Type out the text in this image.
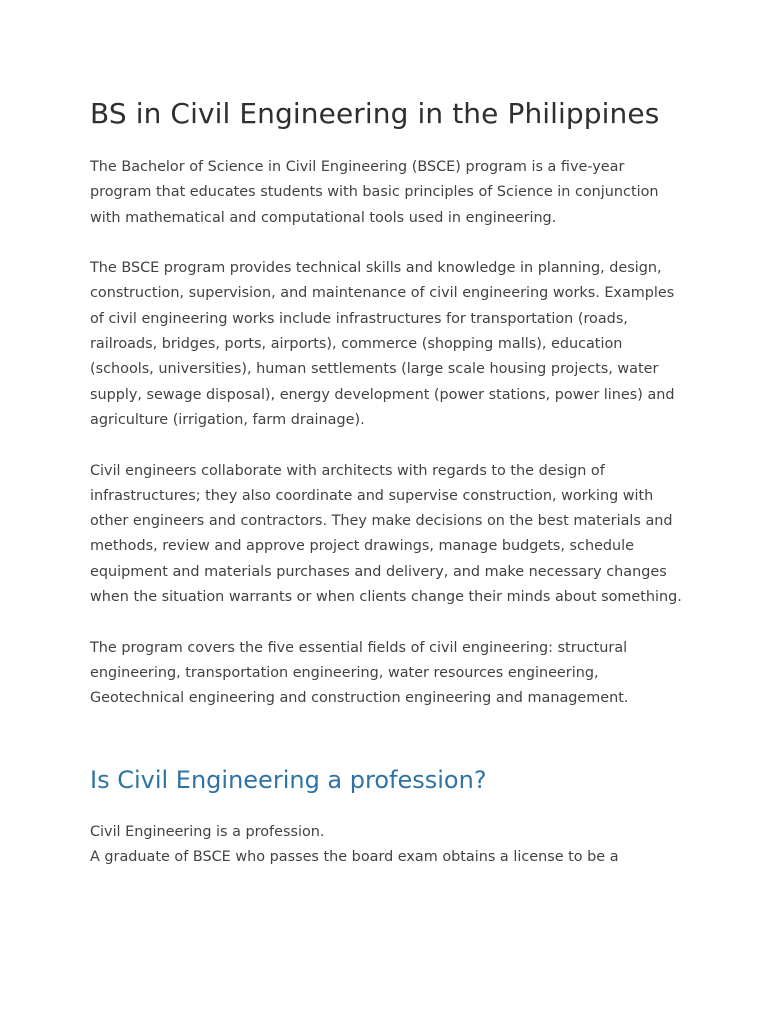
BS in Civil Engineering in the Philippines

The Bachelor of Science in Civil Engineering (BSCE) program is a five-year program that educates students with basic principles of Science in conjunction with mathematical and computational tools used in engineering.

The BSCE program provides technical skills and knowledge in planning, design, construction, supervision, and maintenance of civil engineering works. Examples of civil engineering works include infrastructures for transportation (roads, railroads, bridges, ports, airports), commerce (shopping malls), education (schools, universities), human settlements (large scale housing projects, water supply, sewage disposal), energy development (power stations, power lines) and agriculture (irrigation, farm drainage).

Civil engineers collaborate with architects with regards to the design of infrastructures; they also coordinate and supervise construction, working with other engineers and contractors. They make decisions on the best materials and methods, review and approve project drawings, manage budgets, schedule equipment and materials purchases and delivery, and make necessary changes when the situation warrants or when clients change their minds about something.

The program covers the five essential fields of civil engineering: structural engineering, transportation engineering, water resources engineering, Geotechnical engineering and construction engineering and management.

Is Civil Engineering a profession?

Civil Engineering is a profession.

A graduate of BSCE who passes the board exam obtains a license to be a
